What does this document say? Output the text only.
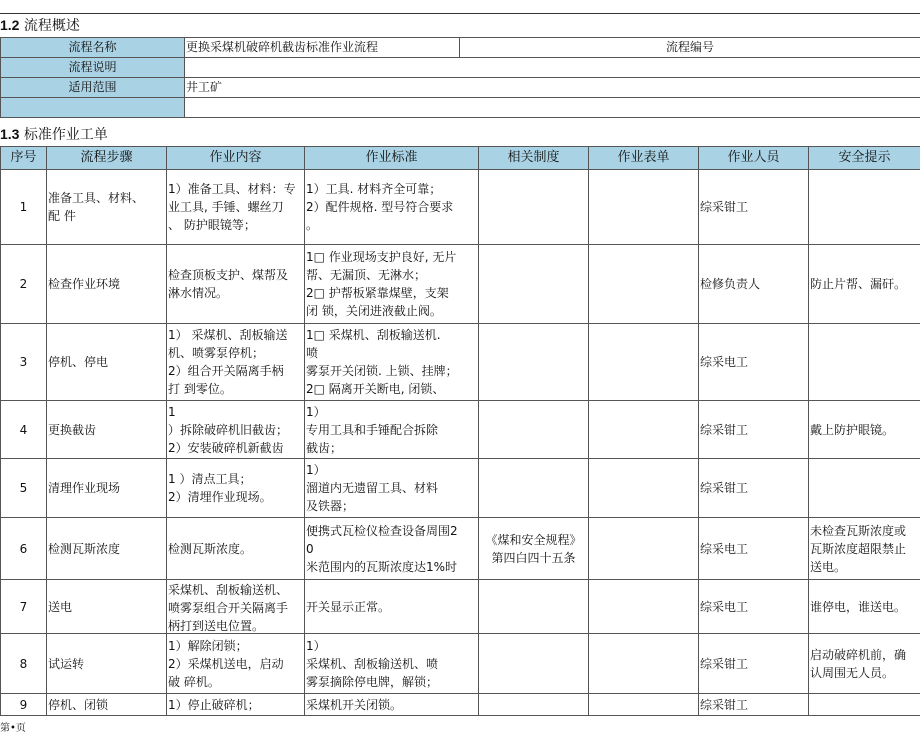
1.2 流程概述
流程名称	更换采煤机破碎机截齿标准作业流程	流程编号
流程说明		
适用范围	井工矿	

1.3 标准作业工单
序号	流程步骤	作业内容	作业标准	相关制度	作业表单	作业人员	安全提示

1	准备工具、材料、
配 件	1）准备工具、材料：专
业工具, 手锤、螺丝刀
、 防护眼镜等；	1）工具. 材料齐全可靠；
2）配件规格. 型号符合要求
。			综采钳工	

2	检查作业环境	检查顶板支护、煤帮及
淋水情况。	1□ 作业现场支护良好, 无片
帮、无漏顶、无淋水；
2□ 护帮板紧靠煤壁，支架
闭 锁，关闭进液截止阀。			检修负责人	防止片帮、漏矸。

3	停机、停电	1） 采煤机、刮板输送
机、喷雾泵停机；
2）组合开关隔离手柄
打 到零位。	1□ 采煤机、刮板输送机.
喷
雾泵开关闭锁. 上锁、挂牌；
2□ 隔离开关断电, 闭锁、			综采电工	

4	更换截齿	1
）拆除破碎机旧截齿；
2）安装破碎机新截齿	1）
专用工具和手锤配合拆除
截齿；			综采钳工	戴上防护眼镜。

5	清理作业现场	1 ）清点工具；
2）清埋作业现场。	1）
溜道内无遗留工具、材料
及铁器；			综采钳工	

6	检测瓦斯浓度	检测瓦斯浓度。	便携式瓦检仪检查设备周围2
0
米范围内的瓦斯浓度达1%时	《煤和安全规程》
第四白四十五条		综采电工	未检查瓦斯浓度或
瓦斯浓度超限禁止
送电。

7	送电	采煤机、刮板输送机、
喷雾泵组合开关隔离手
柄打到送电位置。	开关显示正常。			综采电工	谁停电，谁送电。

8	试运转	1）解除闭锁；
2）采煤机送电，启动
破 碎机。	1）
采煤机、刮板输送机、喷
雾泵摘除停电牌，解锁；			综采钳工	启动破碎机前，确
认周围无人员。

9	停机、闭锁	1）停止破碎机；	采煤机开关闭锁。			综采钳工	

第•页
